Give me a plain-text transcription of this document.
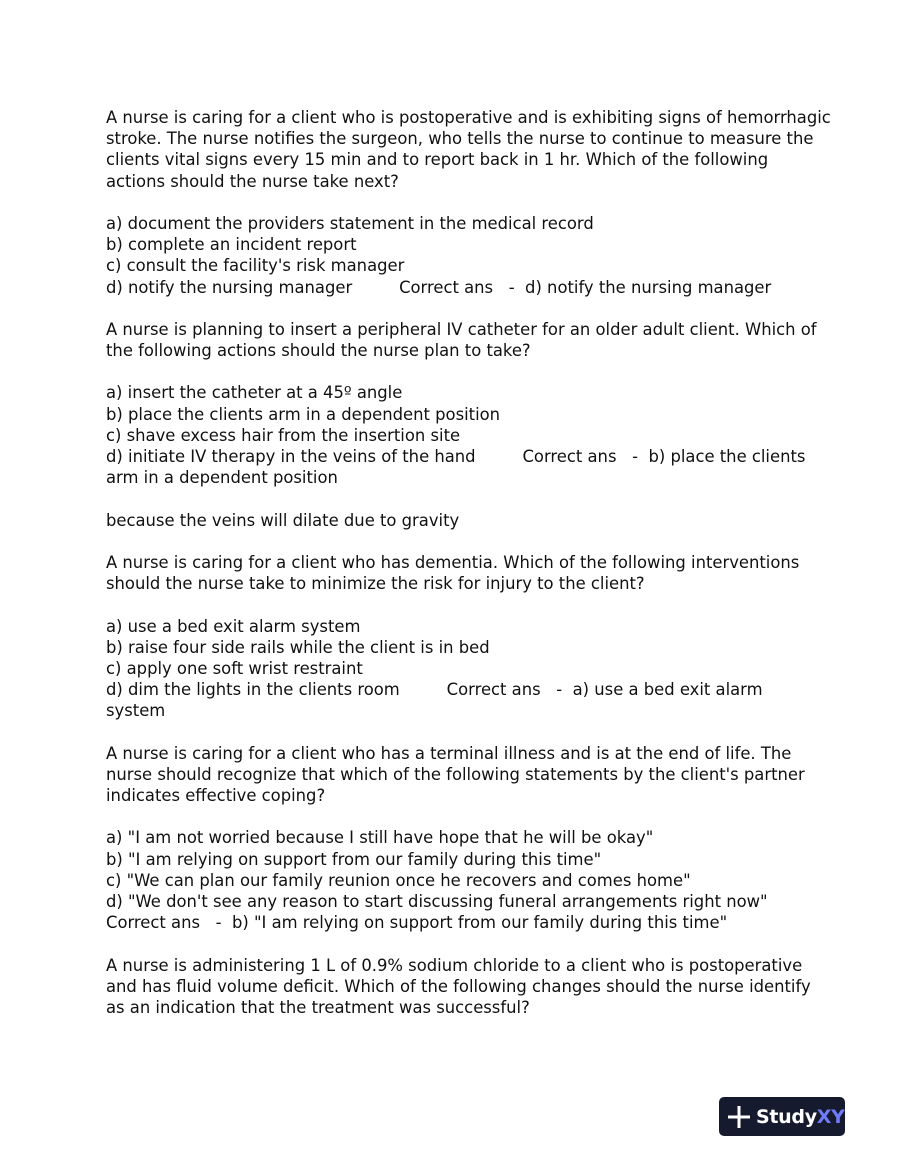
A nurse is caring for a client who is postoperative and is exhibiting signs of hemorrhagic
stroke. The nurse notifies the surgeon, who tells the nurse to continue to measure the
clients vital signs every 15 min and to report back in 1 hr. Which of the following
actions should the nurse take next?
a) document the providers statement in the medical record
b) complete an incident report
c) consult the facility's risk manager
d) notify the nursing manager         Correct ans   -  d) notify the nursing manager
A nurse is planning to insert a peripheral IV catheter for an older adult client. Which of
the following actions should the nurse plan to take?
a) insert the catheter at a 45º angle
b) place the clients arm in a dependent position
c) shave excess hair from the insertion site
d) initiate IV therapy in the veins of the hand         Correct ans   -  b) place the clients
arm in a dependent position
because the veins will dilate due to gravity
A nurse is caring for a client who has dementia. Which of the following interventions
should the nurse take to minimize the risk for injury to the client?
a) use a bed exit alarm system
b) raise four side rails while the client is in bed
c) apply one soft wrist restraint
d) dim the lights in the clients room         Correct ans   -  a) use a bed exit alarm
system
A nurse is caring for a client who has a terminal illness and is at the end of life. The
nurse should recognize that which of the following statements by the client's partner
indicates effective coping?
a) "I am not worried because I still have hope that he will be okay"
b) "I am relying on support from our family during this time"
c) "We can plan our family reunion once he recovers and comes home"
d) "We don't see any reason to start discussing funeral arrangements right now"
Correct ans   -  b) "I am relying on support from our family during this time"
A nurse is administering 1 L of 0.9% sodium chloride to a client who is postoperative
and has fluid volume deficit. Which of the following changes should the nurse identify
as an indication that the treatment was successful?
Study XY
